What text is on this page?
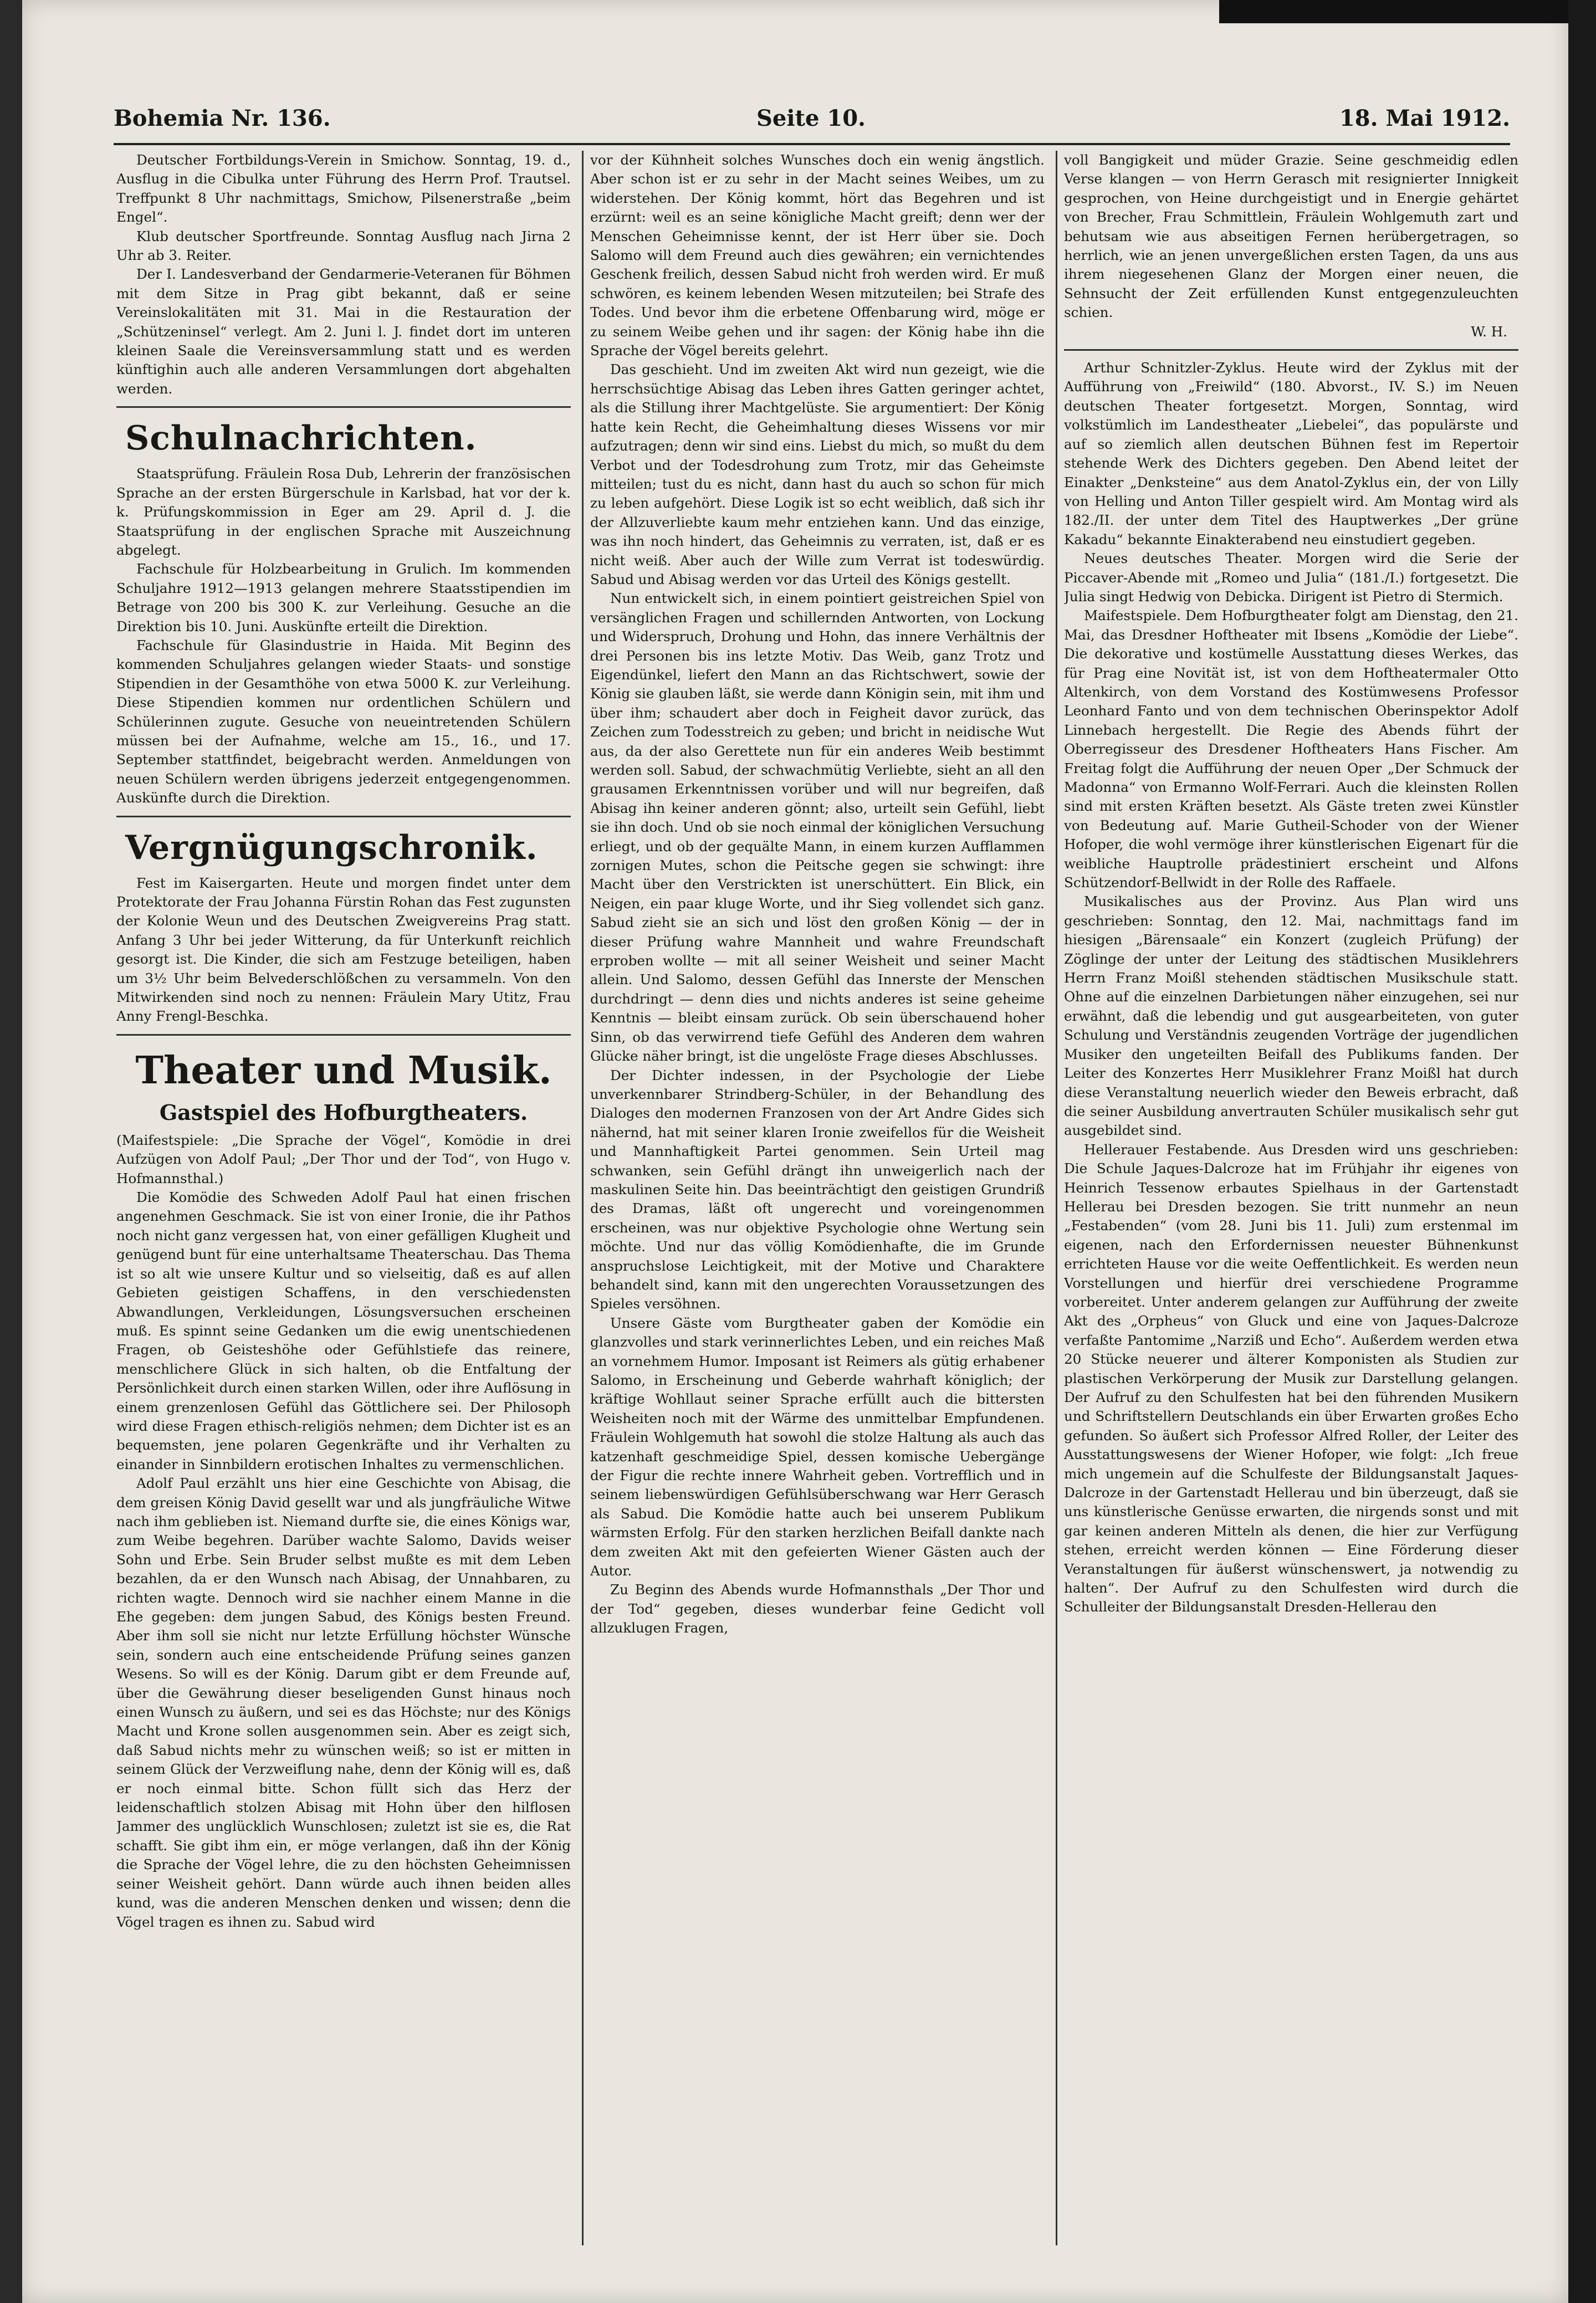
Bohemia Nr. 136.	Seite 10.	18. Mai 1912.

Deutscher Fortbildungs-Verein in Smichow. Sonntag, 19. d., Ausflug in die Cibulka unter Führung des Herrn Prof. Trautsel. Treffpunkt 8 Uhr nachmittags, Smichow, Pilsenerstraße „beim Engel“.

Klub deutscher Sportfreunde. Sonntag Ausflug nach Jirna 2 Uhr ab 3. Reiter.

Der I. Landesverband der Gendarmerie-Veteranen für Böhmen mit dem Sitze in Prag gibt bekannt, daß er seine Vereinslokalitäten mit 31. Mai in die Restauration der „Schützeninsel“ verlegt. Am 2. Juni l. J. findet dort im unteren kleinen Saale die Vereinsversammlung statt und es werden künftighin auch alle anderen Versammlungen dort abgehalten werden.

Schulnachrichten.

Staatsprüfung. Fräulein Rosa Dub, Lehrerin der französischen Sprache an der ersten Bürgerschule in Karlsbad, hat vor der k. k. Prüfungskommission in Eger am 29. April d. J. die Staatsprüfung in der englischen Sprache mit Auszeichnung abgelegt.

Fachschule für Holzbearbeitung in Grulich. Im kommenden Schuljahre 1912—1913 gelangen mehrere Staatsstipendien im Betrage von 200 bis 300 K. zur Verleihung. Gesuche an die Direktion bis 10. Juni. Auskünfte erteilt die Direktion.

Fachschule für Glasindustrie in Haida. Mit Beginn des kommenden Schuljahres gelangen wieder Staats- und sonstige Stipendien in der Gesamthöhe von etwa 5000 K. zur Verleihung. Diese Stipendien kommen nur ordentlichen Schülern und Schülerinnen zugute. Gesuche von neueintretenden Schülern müssen bei der Aufnahme, welche am 15., 16., und 17. September stattfindet, beigebracht werden. Anmeldungen von neuen Schülern werden übrigens jederzeit entgegengenommen. Auskünfte durch die Direktion.

Vergnügungschronik.

Fest im Kaisergarten. Heute und morgen findet unter dem Protektorate der Frau Johanna Fürstin Rohan das Fest zugunsten der Kolonie Weun und des Deutschen Zweigvereins Prag statt. Anfang 3 Uhr bei jeder Witterung, da für Unterkunft reichlich gesorgt ist. Die Kinder, die sich am Festzuge beteiligen, haben um 3½ Uhr beim Belvederschlößchen zu versammeln. Von den Mitwirkenden sind noch zu nennen: Fräulein Mary Utitz, Frau Anny Frengl-Beschka.

Theater und Musik.
Gastspiel des Hofburgtheaters.

(Maifestspiele: „Die Sprache der Vögel“, Komödie in drei Aufzügen von Adolf Paul; „Der Thor und der Tod“, von Hugo v. Hofmannsthal.)

Die Komödie des Schweden Adolf Paul hat einen frischen angenehmen Geschmack. Sie ist von einer Ironie, die ihr Pathos noch nicht ganz vergessen hat, von einer gefälligen Klugheit und genügend bunt für eine unterhaltsame Theaterschau. Das Thema ist so alt wie unsere Kultur und so vielseitig, daß es auf allen Gebieten geistigen Schaffens, in den verschiedensten Abwandlungen, Verkleidungen, Lösungsversuchen erscheinen muß. Es spinnt seine Gedanken um die ewig unentschiedenen Fragen, ob Geisteshöhe oder Gefühlstiefe das reinere, menschlichere Glück in sich halten, ob die Entfaltung der Persönlichkeit durch einen starken Willen, oder ihre Auflösung in einem grenzenlosen Gefühl das Göttlichere sei. Der Philosoph wird diese Fragen ethisch-religiös nehmen; dem Dichter ist es an bequemsten, jene polaren Gegenkräfte und ihr Verhalten zu einander in Sinnbildern erotischen Inhaltes zu vermenschlichen.

Adolf Paul erzählt uns hier eine Geschichte von Abisag, die dem greisen König David gesellt war und als jungfräuliche Witwe nach ihm geblieben ist. Niemand durfte sie, die eines Königs war, zum Weibe begehren. Darüber wachte Salomo, Davids weiser Sohn und Erbe. Sein Bruder selbst mußte es mit dem Leben bezahlen, da er den Wunsch nach Abisag, der Unnahbaren, zu richten wagte. Dennoch wird sie nachher einem Manne in die Ehe gegeben: dem jungen Sabud, des Königs besten Freund. Aber ihm soll sie nicht nur letzte Erfüllung höchster Wünsche sein, sondern auch eine entscheidende Prüfung seines ganzen Wesens. So will es der König. Darum gibt er dem Freunde auf, über die Gewährung dieser beseligenden Gunst hinaus noch einen Wunsch zu äußern, und sei es das Höchste; nur des Königs Macht und Krone sollen ausgenommen sein. Aber es zeigt sich, daß Sabud nichts mehr zu wünschen weiß; so ist er mitten in seinem Glück der Verzweiflung nahe, denn der König will es, daß er noch einmal bitte. Schon füllt sich das Herz der leidenschaftlich stolzen Abisag mit Hohn über den hilflosen Jammer des unglücklich Wunschlosen; zuletzt ist sie es, die Rat schafft. Sie gibt ihm ein, er möge verlangen, daß ihn der König die Sprache der Vögel lehre, die zu den höchsten Geheimnissen seiner Weisheit gehört. Dann würde auch ihnen beiden alles kund, was die anderen Menschen denken und wissen; denn die Vögel tragen es ihnen zu. Sabud wird

vor der Kühnheit solches Wunsches doch ein wenig ängstlich. Aber schon ist er zu sehr in der Macht seines Weibes, um zu widerstehen. Der König kommt, hört das Begehren und ist erzürnt: weil es an seine königliche Macht greift; denn wer der Menschen Geheimnisse kennt, der ist Herr über sie. Doch Salomo will dem Freund auch dies gewähren; ein vernichtendes Geschenk freilich, dessen Sabud nicht froh werden wird. Er muß schwören, es keinem lebenden Wesen mitzuteilen; bei Strafe des Todes. Und bevor ihm die erbetene Offenbarung wird, möge er zu seinem Weibe gehen und ihr sagen: der König habe ihn die Sprache der Vögel bereits gelehrt.

Das geschieht. Und im zweiten Akt wird nun gezeigt, wie die herrschsüchtige Abisag das Leben ihres Gatten geringer achtet, als die Stillung ihrer Machtgelüste. Sie argumentiert: Der König hatte kein Recht, die Geheimhaltung dieses Wissens vor mir aufzutragen; denn wir sind eins. Liebst du mich, so mußt du dem Verbot und der Todesdrohung zum Trotz, mir das Geheimste mitteilen; tust du es nicht, dann hast du auch so schon für mich zu leben aufgehört. Diese Logik ist so echt weiblich, daß sich ihr der Allzuverliebte kaum mehr entziehen kann. Und das einzige, was ihn noch hindert, das Geheimnis zu verraten, ist, daß er es nicht weiß. Aber auch der Wille zum Verrat ist todeswürdig. Sabud und Abisag werden vor das Urteil des Königs gestellt.

Nun entwickelt sich, in einem pointiert geistreichen Spiel von versänglichen Fragen und schillernden Antworten, von Lockung und Widerspruch, Drohung und Hohn, das innere Verhältnis der drei Personen bis ins letzte Motiv. Das Weib, ganz Trotz und Eigendünkel, liefert den Mann an das Richtschwert, sowie der König sie glauben läßt, sie werde dann Königin sein, mit ihm und über ihm; schaudert aber doch in Feigheit davor zurück, das Zeichen zum Todesstreich zu geben; und bricht in neidische Wut aus, da der also Gerettete nun für ein anderes Weib bestimmt werden soll. Sabud, der schwachmütig Verliebte, sieht an all den grausamen Erkenntnissen vorüber und will nur begreifen, daß Abisag ihn keiner anderen gönnt; also, urteilt sein Gefühl, liebt sie ihn doch. Und ob sie noch einmal der königlichen Versuchung erliegt, und ob der gequälte Mann, in einem kurzen Aufflammen zornigen Mutes, schon die Peitsche gegen sie schwingt: ihre Macht über den Verstrickten ist unerschüttert. Ein Blick, ein Neigen, ein paar kluge Worte, und ihr Sieg vollendet sich ganz. Sabud zieht sie an sich und löst den großen König — der in dieser Prüfung wahre Mannheit und wahre Freundschaft erproben wollte — mit all seiner Weisheit und seiner Macht allein. Und Salomo, dessen Gefühl das Innerste der Menschen durchdringt — denn dies und nichts anderes ist seine geheime Kenntnis — bleibt einsam zurück. Ob sein überschauend hoher Sinn, ob das verwirrend tiefe Gefühl des Anderen dem wahren Glücke näher bringt, ist die ungelöste Frage dieses Abschlusses.

Der Dichter indessen, in der Psychologie der Liebe unverkennbarer Strindberg-Schüler, in der Behandlung des Dialoges den modernen Franzosen von der Art Andre Gides sich nähernd, hat mit seiner klaren Ironie zweifellos für die Weisheit und Mannhaftigkeit Partei genommen. Sein Urteil mag schwanken, sein Gefühl drängt ihn unweigerlich nach der maskulinen Seite hin. Das beeinträchtigt den geistigen Grundriß des Dramas, läßt oft ungerecht und voreingenommen erscheinen, was nur objektive Psychologie ohne Wertung sein möchte. Und nur das völlig Komödienhafte, die im Grunde anspruchslose Leichtigkeit, mit der Motive und Charaktere behandelt sind, kann mit den ungerechten Voraussetzungen des Spieles versöhnen.

Unsere Gäste vom Burgtheater gaben der Komödie ein glanzvolles und stark verinnerlichtes Leben, und ein reiches Maß an vornehmem Humor. Imposant ist Reimers als gütig erhabener Salomo, in Erscheinung und Geberde wahrhaft königlich; der kräftige Wohllaut seiner Sprache erfüllt auch die bittersten Weisheiten noch mit der Wärme des unmittelbar Empfundenen. Fräulein Wohlgemuth hat sowohl die stolze Haltung als auch das katzenhaft geschmeidige Spiel, dessen komische Uebergänge der Figur die rechte innere Wahrheit geben. Vortrefflich und in seinem liebenswürdigen Gefühlsüberschwang war Herr Gerasch als Sabud. Die Komödie hatte auch bei unserem Publikum wärmsten Erfolg. Für den starken herzlichen Beifall dankte nach dem zweiten Akt mit den gefeierten Wiener Gästen auch der Autor.

Zu Beginn des Abends wurde Hofmannsthals „Der Thor und der Tod“ gegeben, dieses wunderbar feine Gedicht voll allzuklugen Fragen,

voll Bangigkeit und müder Grazie. Seine geschmeidig edlen Verse klangen — von Herrn Gerasch mit resignierter Innigkeit gesprochen, von Heine durchgeistigt und in Energie gehärtet von Brecher, Frau Schmittlein, Fräulein Wohlgemuth zart und behutsam wie aus abseitigen Fernen herübergetragen, so herrlich, wie an jenen unvergeßlichen ersten Tagen, da uns aus ihrem niegesehenen Glanz der Morgen einer neuen, die Sehnsucht der Zeit erfüllenden Kunst entgegenzuleuchten schien.

W. H.

Arthur Schnitzler-Zyklus. Heute wird der Zyklus mit der Aufführung von „Freiwild“ (180. Abvorst., IV. S.) im Neuen deutschen Theater fortgesetzt. Morgen, Sonntag, wird volkstümlich im Landestheater „Liebelei“, das populärste und auf so ziemlich allen deutschen Bühnen fest im Repertoir stehende Werk des Dichters gegeben. Den Abend leitet der Einakter „Denksteine“ aus dem Anatol-Zyklus ein, der von Lilly von Helling und Anton Tiller gespielt wird. Am Montag wird als 182./II. der unter dem Titel des Hauptwerkes „Der grüne Kakadu“ bekannte Einakterabend neu einstudiert gegeben.

Neues deutsches Theater. Morgen wird die Serie der Piccaver-Abende mit „Romeo und Julia“ (181./I.) fortgesetzt. Die Julia singt Hedwig von Debicka. Dirigent ist Pietro di Stermich.

Maifestspiele. Dem Hofburgtheater folgt am Dienstag, den 21. Mai, das Dresdner Hoftheater mit Ibsens „Komödie der Liebe“. Die dekorative und kostümelle Ausstattung dieses Werkes, das für Prag eine Novität ist, ist von dem Hoftheatermaler Otto Altenkirch, von dem Vorstand des Kostümwesens Professor Leonhard Fanto und von dem technischen Oberinspektor Adolf Linnebach hergestellt. Die Regie des Abends führt der Oberregisseur des Dresdener Hoftheaters Hans Fischer. Am Freitag folgt die Aufführung der neuen Oper „Der Schmuck der Madonna“ von Ermanno Wolf-Ferrari. Auch die kleinsten Rollen sind mit ersten Kräften besetzt. Als Gäste treten zwei Künstler von Bedeutung auf. Marie Gutheil-Schoder von der Wiener Hofoper, die wohl vermöge ihrer künstlerischen Eigenart für die weibliche Hauptrolle prädestiniert erscheint und Alfons Schützendorf-Bellwidt in der Rolle des Raffaele.

Musikalisches aus der Provinz. Aus Plan wird uns geschrieben: Sonntag, den 12. Mai, nachmittags fand im hiesigen „Bärensaale“ ein Konzert (zugleich Prüfung) der Zöglinge der unter der Leitung des städtischen Musiklehrers Herrn Franz Moißl stehenden städtischen Musikschule statt. Ohne auf die einzelnen Darbietungen näher einzugehen, sei nur erwähnt, daß die lebendig und gut ausgearbeiteten, von guter Schulung und Verständnis zeugenden Vorträge der jugendlichen Musiker den ungeteilten Beifall des Publikums fanden. Der Leiter des Konzertes Herr Musiklehrer Franz Moißl hat durch diese Veranstaltung neuerlich wieder den Beweis erbracht, daß die seiner Ausbildung anvertrauten Schüler musikalisch sehr gut ausgebildet sind.

Hellerauer Festabende. Aus Dresden wird uns geschrieben: Die Schule Jaques-Dalcroze hat im Frühjahr ihr eigenes von Heinrich Tessenow erbautes Spielhaus in der Gartenstadt Hellerau bei Dresden bezogen. Sie tritt nunmehr an neun „Festabenden“ (vom 28. Juni bis 11. Juli) zum erstenmal im eigenen, nach den Erfordernissen neuester Bühnenkunst errichteten Hause vor die weite Oeffentlichkeit. Es werden neun Vorstellungen und hierfür drei verschiedene Programme vorbereitet. Unter anderem gelangen zur Aufführung der zweite Akt des „Orpheus“ von Gluck und eine von Jaques-Dalcroze verfaßte Pantomime „Narziß und Echo“. Außerdem werden etwa 20 Stücke neuerer und älterer Komponisten als Studien zur plastischen Verkörperung der Musik zur Darstellung gelangen. Der Aufruf zu den Schulfesten hat bei den führenden Musikern und Schriftstellern Deutschlands ein über Erwarten großes Echo gefunden. So äußert sich Professor Alfred Roller, der Leiter des Ausstattungswesens der Wiener Hofoper, wie folgt: „Ich freue mich ungemein auf die Schulfeste der Bildungsanstalt Jaques-Dalcroze in der Gartenstadt Hellerau und bin überzeugt, daß sie uns künstlerische Genüsse erwarten, die nirgends sonst und mit gar keinen anderen Mitteln als denen, die hier zur Verfügung stehen, erreicht werden können — Eine Förderung dieser Veranstaltungen für äußerst wünschenswert, ja notwendig zu halten“. Der Aufruf zu den Schulfesten wird durch die Schulleiter der Bildungsanstalt Dresden-Hellerau den
